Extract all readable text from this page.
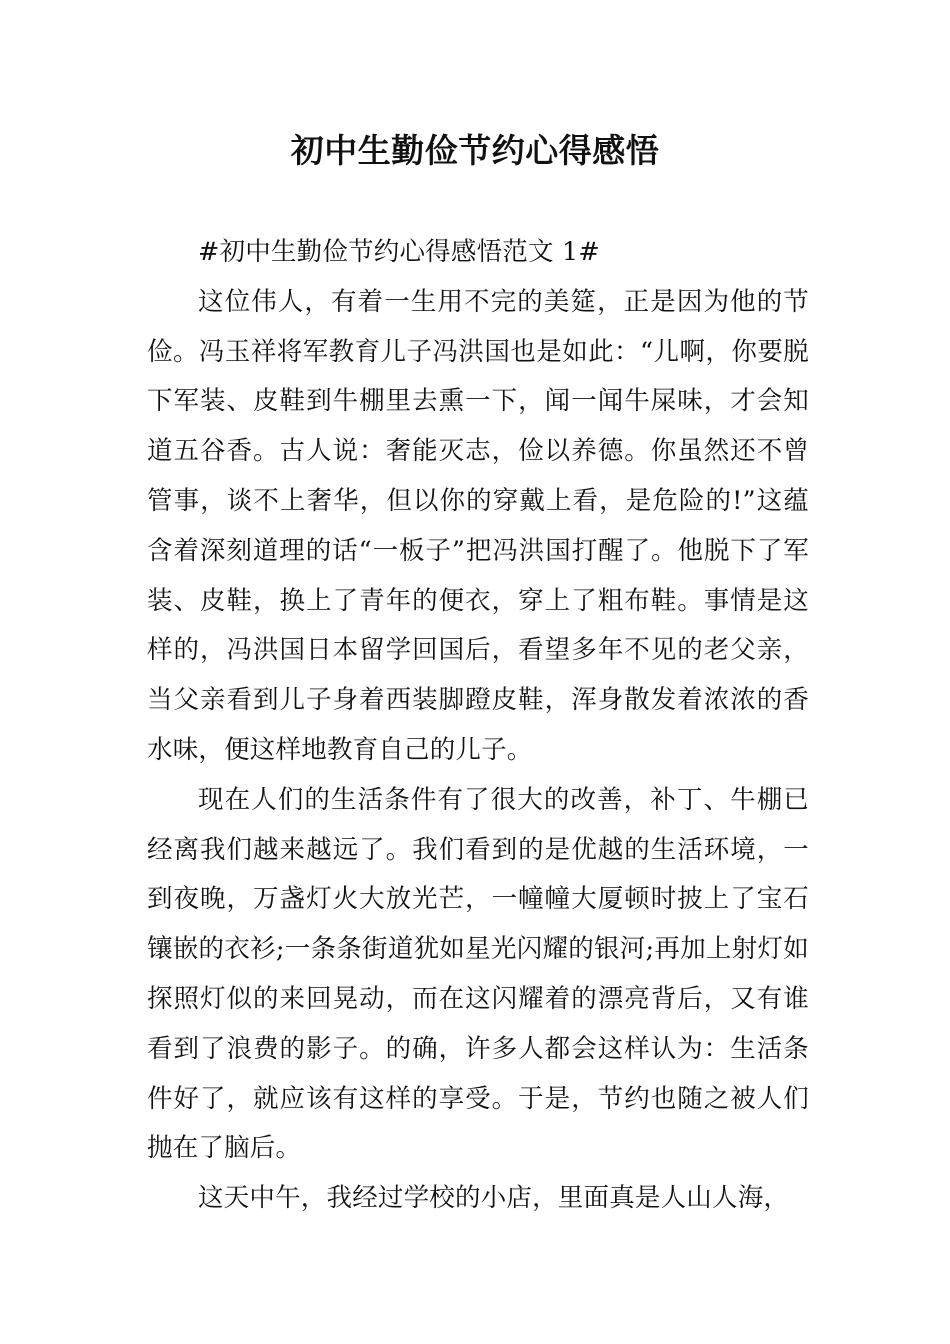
初中生勤俭节约心得感悟

#初中生勤俭节约心得感悟范文 1#

这位伟人，有着一生用不完的美筵，正是因为他的节俭。冯玉祥将军教育儿子冯洪国也是如此：“儿啊，你要脱下军装、皮鞋到牛棚里去熏一下，闻一闻牛屎味，才会知道五谷香。古人说：奢能灭志，俭以养德。你虽然还不曾管事，谈不上奢华，但以你的穿戴上看，是危险的!”这蕴含着深刻道理的话“一板子”把冯洪国打醒了。他脱下了军装、皮鞋，换上了青年的便衣，穿上了粗布鞋。事情是这样的，冯洪国日本留学回国后，看望多年不见的老父亲，当父亲看到儿子身着西装脚蹬皮鞋，浑身散发着浓浓的香水味，便这样地教育自己的儿子。

现在人们的生活条件有了很大的改善，补丁、牛棚已经离我们越来越远了。我们看到的是优越的生活环境，一到夜晚，万盏灯火大放光芒，一幢幢大厦顿时披上了宝石镶嵌的衣衫;一条条街道犹如星光闪耀的银河;再加上射灯如探照灯似的来回晃动，而在这闪耀着的漂亮背后，又有谁看到了浪费的影子。的确，许多人都会这样认为：生活条件好了，就应该有这样的享受。于是，节约也随之被人们抛在了脑后。

这天中午，我经过学校的小店，里面真是人山人海，
